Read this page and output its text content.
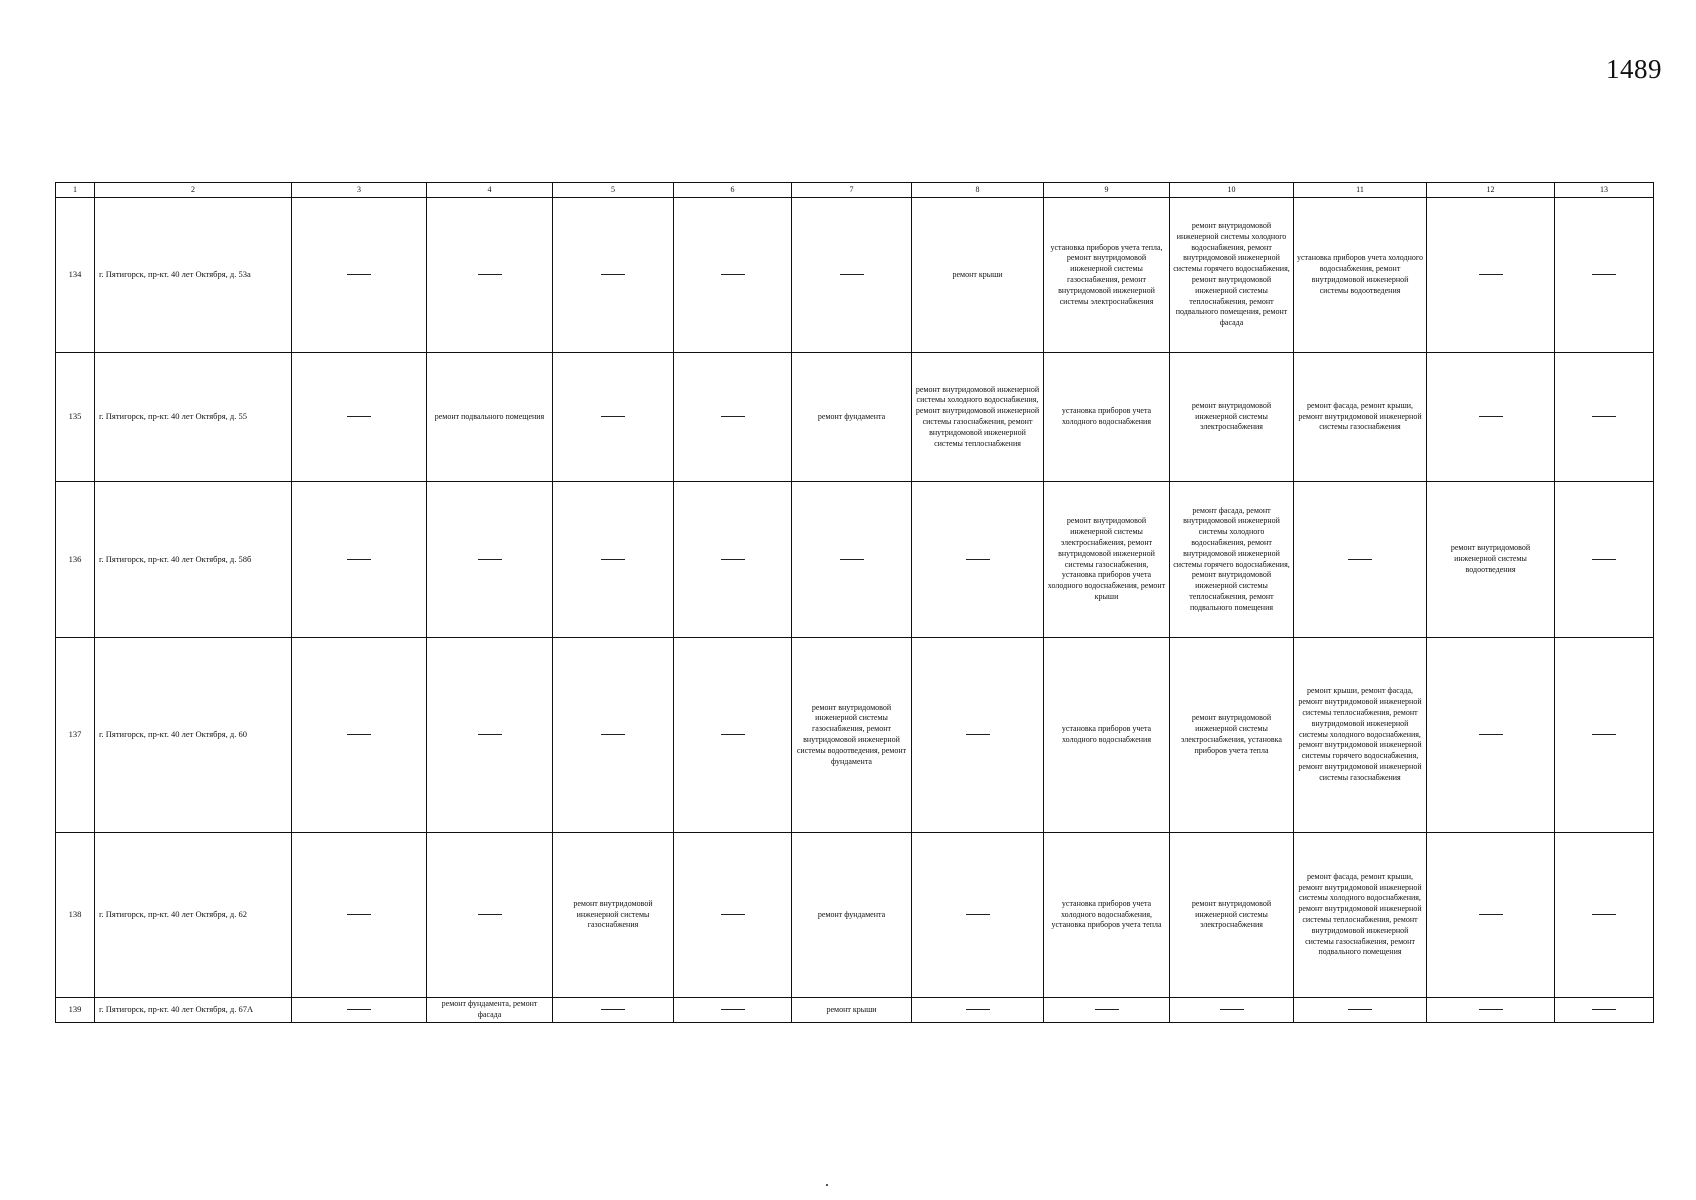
1489
1	2	3	4	5	6	7	8	9	10	11	12	13
134	г. Пятигорск, пр-кт. 40 лет Октября, д. 53а						ремонт крыши	установка приборов учета тепла, ремонт внутридомовой инженерной системы газоснабжения, ремонт внутридомовой инженерной системы электроснабжения	ремонт внутридомовой инженерной системы холодного водоснабжения, ремонт внутридомовой инженерной системы горячего водоснабжения, ремонт внутридомовой инженерной системы теплоснабжения, ремонт подвального помещения, ремонт фасада	установка приборов учета холодного водоснабжения, ремонт внутридомовой инженерной системы водоотведения		
135	г. Пятигорск, пр-кт. 40 лет Октября, д. 55		ремонт подвального помещения			ремонт фундамента	ремонт внутридомовой инженерной системы холодного водоснабжения, ремонт внутридомовой инженерной системы газоснабжения, ремонт внутридомовой инженерной системы теплоснабжения	установка приборов учета холодного водоснабжения	ремонт внутридомовой инженерной системы электроснабжения	ремонт фасада, ремонт крыши, ремонт внутридомовой инженерной системы газоснабжения		
136	г. Пятигорск, пр-кт. 40 лет Октября, д. 58б							ремонт внутридомовой инженерной системы электроснабжения, ремонт внутридомовой инженерной системы газоснабжения, установка приборов учета холодного водоснабжения, ремонт крыши	ремонт фасада, ремонт внутридомовой инженерной системы холодного водоснабжения, ремонт внутридомовой инженерной системы горячего водоснабжения, ремонт внутридомовой инженерной системы теплоснабжения, ремонт подвального помещения		ремонт внутридомовой инженерной системы водоотведения	
137	г. Пятигорск, пр-кт. 40 лет Октября, д. 60					ремонт внутридомовой инженерной системы газоснабжения, ремонт внутридомовой инженерной системы водоотведения, ремонт фундамента		установка приборов учета холодного водоснабжения	ремонт внутридомовой инженерной системы электроснабжения, установка приборов учета тепла	ремонт крыши, ремонт фасада, ремонт внутридомовой инженерной системы теплоснабжения, ремонт внутридомовой инженерной системы холодного водоснабжения, ремонт внутридомовой инженерной системы горячего водоснабжения, ремонт внутридомовой инженерной системы газоснабжения		
138	г. Пятигорск, пр-кт. 40 лет Октября, д. 62			ремонт внутридомовой инженерной системы газоснабжения		ремонт фундамента		установка приборов учета холодного водоснабжения, установка приборов учета тепла	ремонт внутридомовой инженерной системы электроснабжения	ремонт фасада, ремонт крыши, ремонт внутридомовой инженерной системы холодного водоснабжения, ремонт внутридомовой инженерной системы теплоснабжения, ремонт внутридомовой инженерной системы газоснабжения, ремонт подвального помещения		
139	г. Пятигорск, пр-кт. 40 лет Октября, д. 67А		ремонт фундамента, ремонт фасада			ремонт крыши						
